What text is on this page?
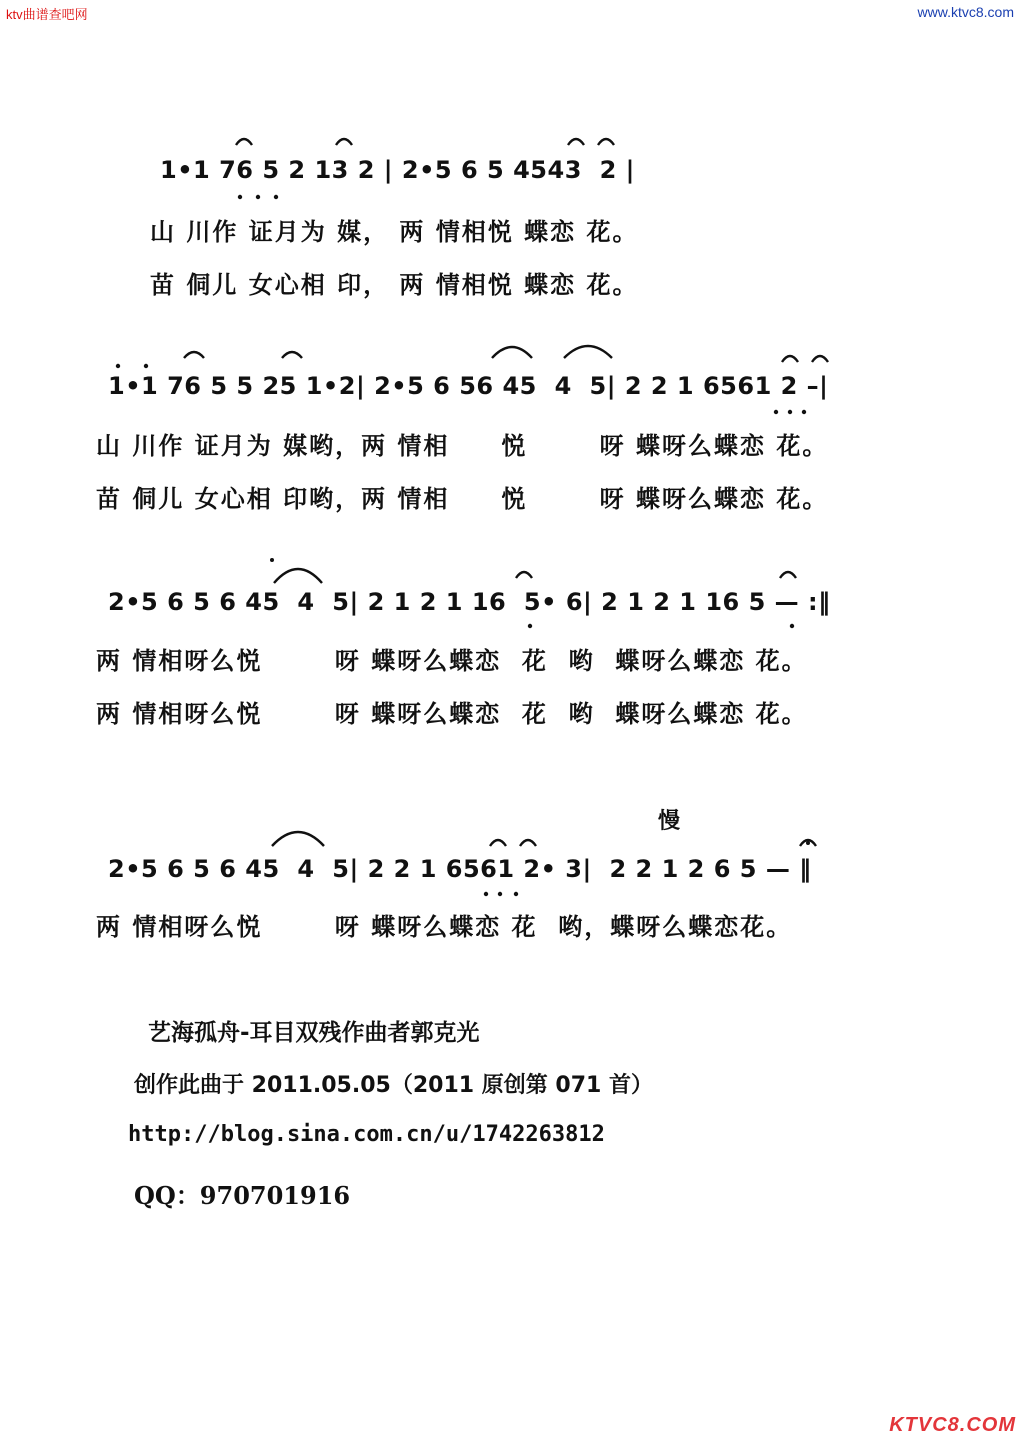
ktv曲谱查吧网	www.ktvc8.com
1•1 76 5 2 13 2 | 2•5 6 5 4543  2 |
山 川作 证月为 媒， 两 情相悦 蝶恋 花。
苗 侗儿 女心相 印， 两 情相悦 蝶恋 花。
1•1 76 5 5 25 1•2| 2•5 6 56 45  4  5| 2 2 1 6561 2 –|
山 川作 证月为 媒哟，两 情相     悦       呀 蝶呀么蝶恋 花。
苗 侗儿 女心相 印哟，两 情相     悦       呀 蝶呀么蝶恋 花。
2•5 6 5 6 45  4  5| 2 1 2 1 16  5• 6| 2 1 2 1 16 5 — :‖
两 情相呀么悦       呀 蝶呀么蝶恋  花  哟  蝶呀么蝶恋 花。
两 情相呀么悦       呀 蝶呀么蝶恋  花  哟  蝶呀么蝶恋 花。
慢
2•5 6 5 6 45  4  5| 2 2 1 6561 2• 3|  2 2 1 2 6 5 — ‖
两 情相呀么悦       呀 蝶呀么蝶恋 花  哟，蝶呀么蝶恋花。
艺海孤舟-耳目双残作曲者郭克光
创作此曲于 2011.05.05（2011 原创第 071 首）
http://blog.sina.com.cn/u/1742263812
QQ：970701916
KTVC8.COM
